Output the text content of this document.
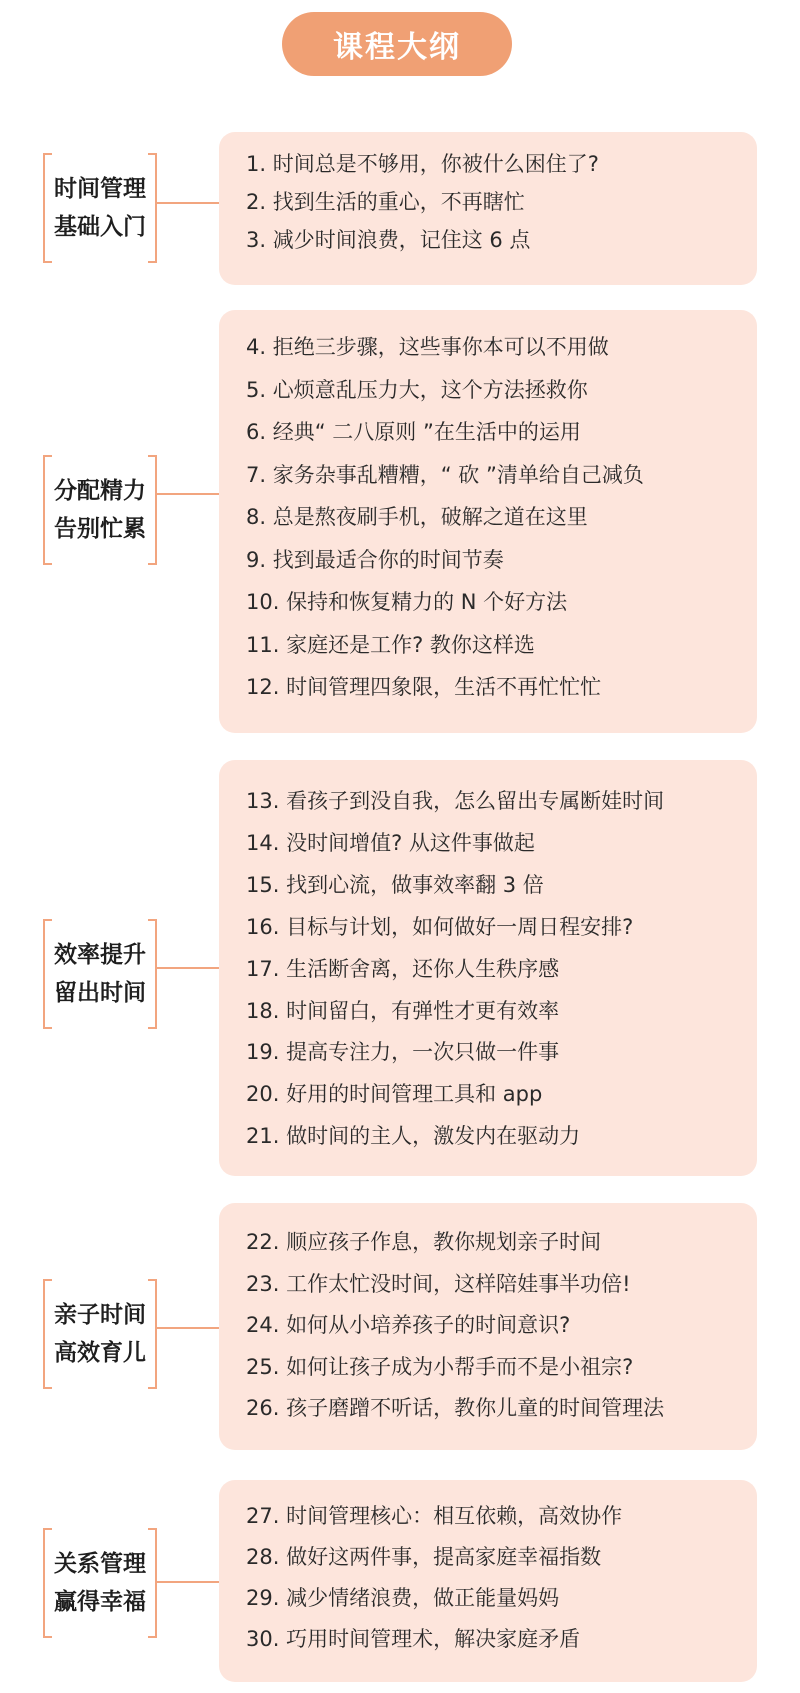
课程大纲
时间管理
基础入门
1. 时间总是不够用，你被什么困住了?
2. 找到生活的重心，不再瞎忙
3. 减少时间浪费，记住这 6 点
分配精力
告别忙累
4. 拒绝三步骤，这些事你本可以不用做
5. 心烦意乱压力大，这个方法拯救你
6. 经典“ 二八原则 ”在生活中的运用
7. 家务杂事乱糟糟，“ 砍 ”清单给自己减负
8. 总是熬夜刷手机，破解之道在这里
9. 找到最适合你的时间节奏
10. 保持和恢复精力的 N 个好方法
11. 家庭还是工作? 教你这样选
12. 时间管理四象限，生活不再忙忙忙
效率提升
留出时间
13. 看孩子到没自我，怎么留出专属断娃时间
14. 没时间增值? 从这件事做起
15. 找到心流，做事效率翻 3 倍
16. 目标与计划，如何做好一周日程安排?
17. 生活断舍离，还你人生秩序感
18. 时间留白，有弹性才更有效率
19. 提高专注力，一次只做一件事
20. 好用的时间管理工具和 app
21. 做时间的主人，激发内在驱动力
亲子时间
高效育儿
22. 顺应孩子作息，教你规划亲子时间
23. 工作太忙没时间，这样陪娃事半功倍!
24. 如何从小培养孩子的时间意识?
25. 如何让孩子成为小帮手而不是小祖宗?
26. 孩子磨蹭不听话，教你儿童的时间管理法
关系管理
赢得幸福
27. 时间管理核心：相互依赖，高效协作
28. 做好这两件事，提高家庭幸福指数
29. 减少情绪浪费，做正能量妈妈
30. 巧用时间管理术，解决家庭矛盾
